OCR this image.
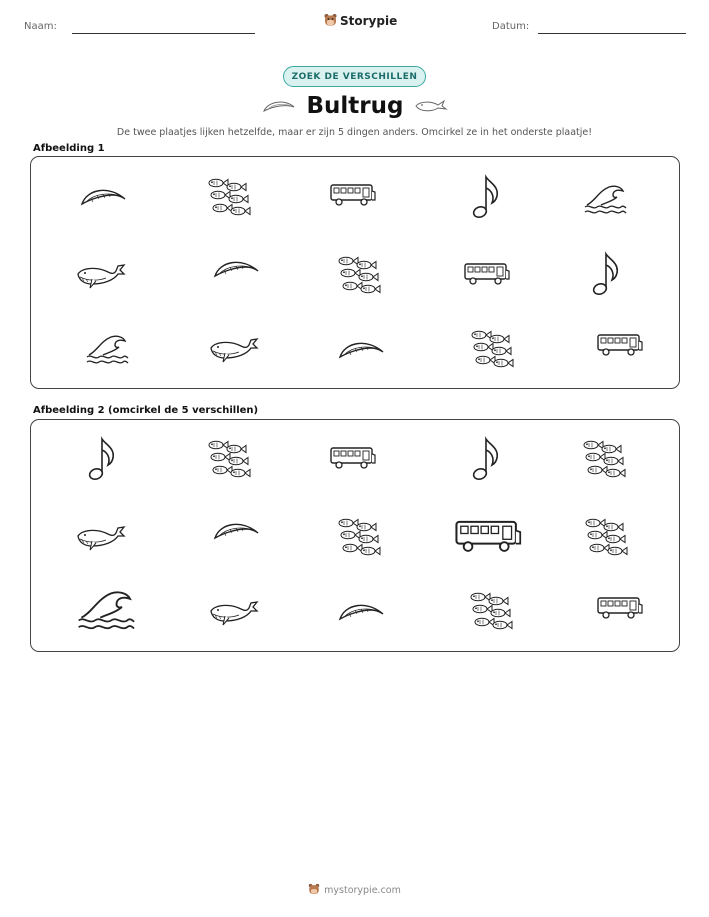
Naam:	Storypie	Datum:
ZOEK DE VERSCHILLEN
Bultrug
De twee plaatjes lijken hetzelfde, maar er zijn 5 dingen anders. Omcirkel ze in het onderste plaatje!
Afbeelding 1
Afbeelding 2 (omcirkel de 5 verschillen)
mystorypie.com
